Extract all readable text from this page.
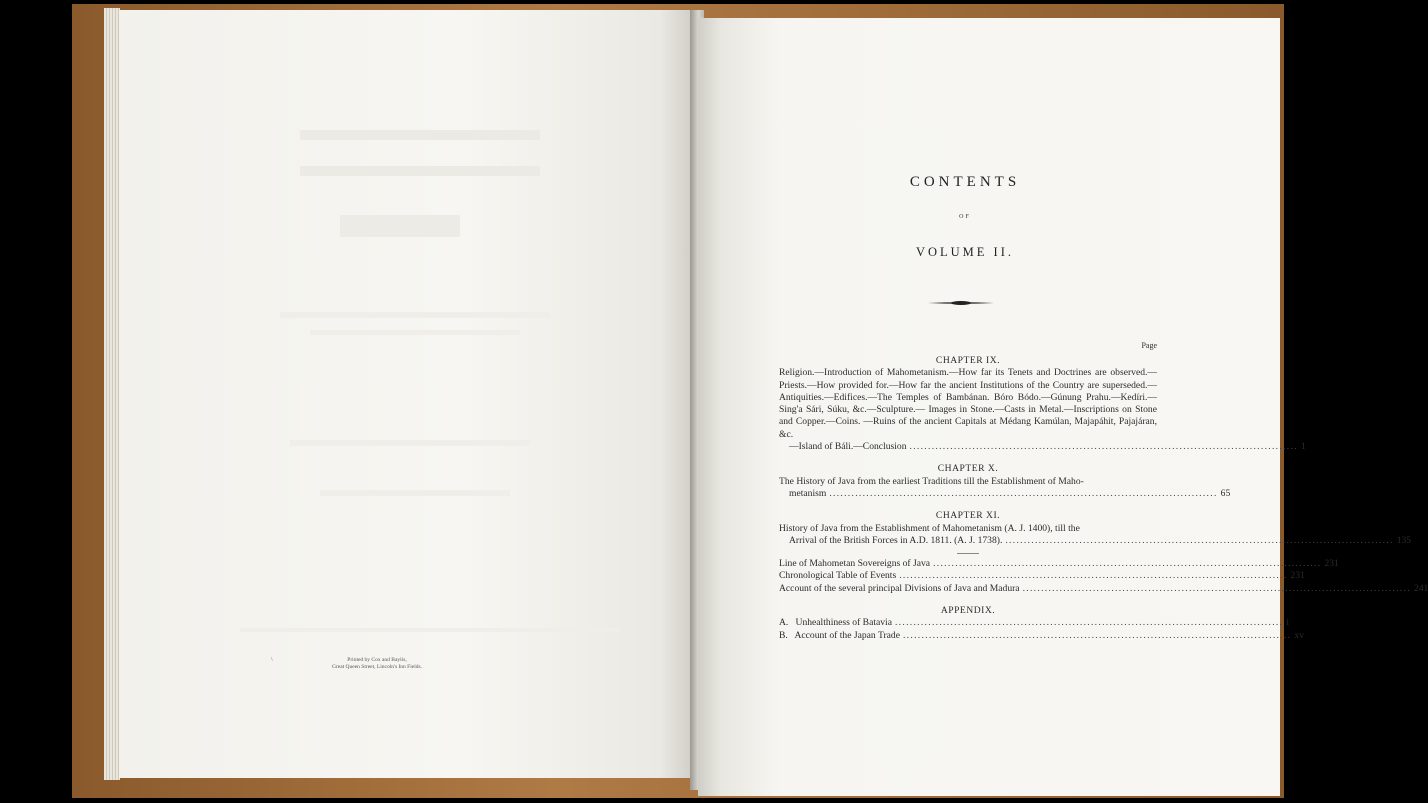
\	Printed by Cox and Baylis,
Great Queen Street, Lincoln's Inn Fields.
CONTENTS
OF
VOLUME II.
Page
CHAPTER IX.
Religion.—Introduction of Mahometanism.—How far its Tenets and Doctrines are observed.—Priests.—How provided for.—How far the ancient Institutions of the Country are superseded.—Antiquities.—Edifices.—The Temples of Bambánan. Bóro Bódo.—Gúnung Prahu.—Kedíri.—Sing'a Sári, Súku, &c.—Sculpture.— Images in Stone.—Casts in Metal.—Inscriptions on Stone and Copper.—Coins. —Ruins of the ancient Capitals at Médang Kamúlan, Majapáhit, Pajajáran, &c.
—Island of Báli.—Conclusion ......................................................................................................... 1
CHAPTER X.
The History of Java from the earliest Traditions till the Establishment of Maho-
metanism ......................................................................................................... 65
CHAPTER XI.
History of Java from the Establishment of Mahometanism (A. J. 1400), till the
Arrival of the British Forces in A.D. 1811. (A. J. 1738). ......................................................................................................... 135
Line of Mahometan Sovereigns of Java ......................................................................................................... 231
Chronological Table of Events ......................................................................................................... 231
Account of the several principal Divisions of Java and Madura ......................................................................................................... 241
APPENDIX.
A.   Unhealthiness of Batavia ......................................................................................................... i
B.   Account of the Japan Trade ......................................................................................................... xv
